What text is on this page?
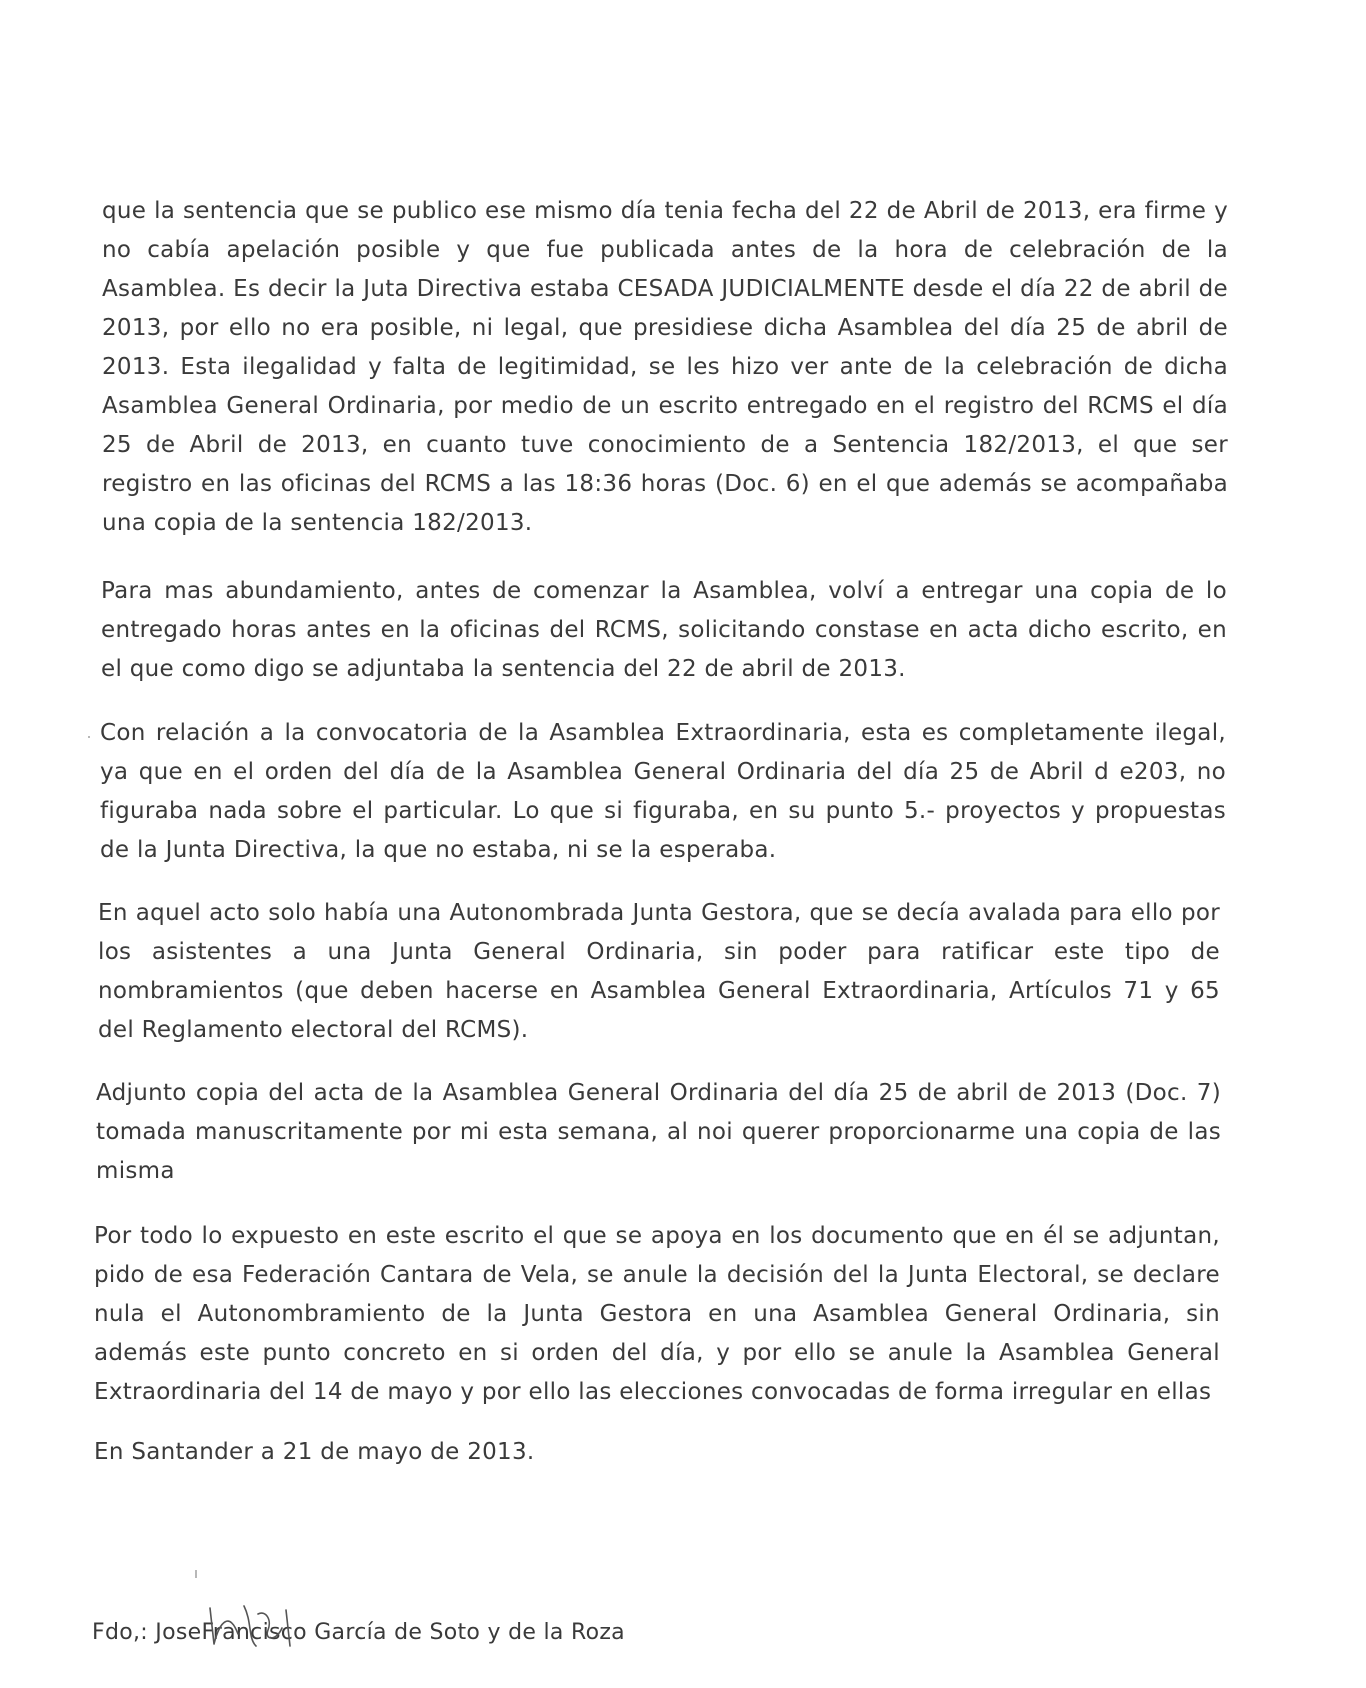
que la sentencia que se publico ese mismo día tenia fecha del 22 de Abril de 2013, era firme y no cabía apelación posible y que fue publicada antes de la hora de celebración de la Asamblea. Es decir la Juta Directiva estaba CESADA JUDICIALMENTE desde el día 22 de abril de 2013, por ello no era posible, ni legal, que presidiese dicha Asamblea del día 25 de abril de 2013. Esta ilegalidad y falta de legitimidad, se les hizo ver ante de la celebración de dicha Asamblea General Ordinaria, por medio de un escrito entregado en el registro del RCMS el día 25 de Abril de 2013, en cuanto tuve conocimiento de a Sentencia 182/2013, el que ser registro en las oficinas del RCMS a las 18:36 horas (Doc. 6) en el que además se acompañaba una copia de la sentencia 182/2013.

Para mas abundamiento, antes de comenzar la Asamblea, volví a entregar una copia de lo entregado horas antes en la oficinas del RCMS, solicitando constase en acta dicho escrito, en el que como digo se adjuntaba la sentencia del 22 de abril de 2013.

Con relación a la convocatoria de la Asamblea Extraordinaria, esta es completamente ilegal, ya que en el orden del día de la Asamblea General Ordinaria del día 25 de Abril d e203, no figuraba nada sobre el particular. Lo que si figuraba, en su punto 5.- proyectos y propuestas de la Junta Directiva, la que no estaba, ni se la esperaba.

En aquel acto solo había una Autonombrada Junta Gestora, que se decía avalada para ello por los asistentes a una Junta General Ordinaria, sin poder para ratificar este tipo de nombramientos (que deben hacerse en Asamblea General Extraordinaria, Artículos 71 y 65 del Reglamento electoral del RCMS).

Adjunto copia del acta de la Asamblea General Ordinaria del día 25 de abril de 2013 (Doc. 7) tomada manuscritamente por mi esta semana, al noi querer proporcionarme una copia de las misma

Por todo lo expuesto en este escrito el que se apoya en los documento que en él se adjuntan, pido de esa Federación Cantara de Vela, se anule la decisión del la Junta Electoral, se declare nula el Autonombramiento de la Junta Gestora en una Asamblea General Ordinaria, sin además este punto concreto en si orden del día, y por ello se anule la Asamblea General Extraordinaria del 14 de mayo y por ello las elecciones convocadas de forma irregular en ellas

En Santander a 21 de mayo de 2013.

Fdo,: JoseFrancisco García de Soto y de la Roza
